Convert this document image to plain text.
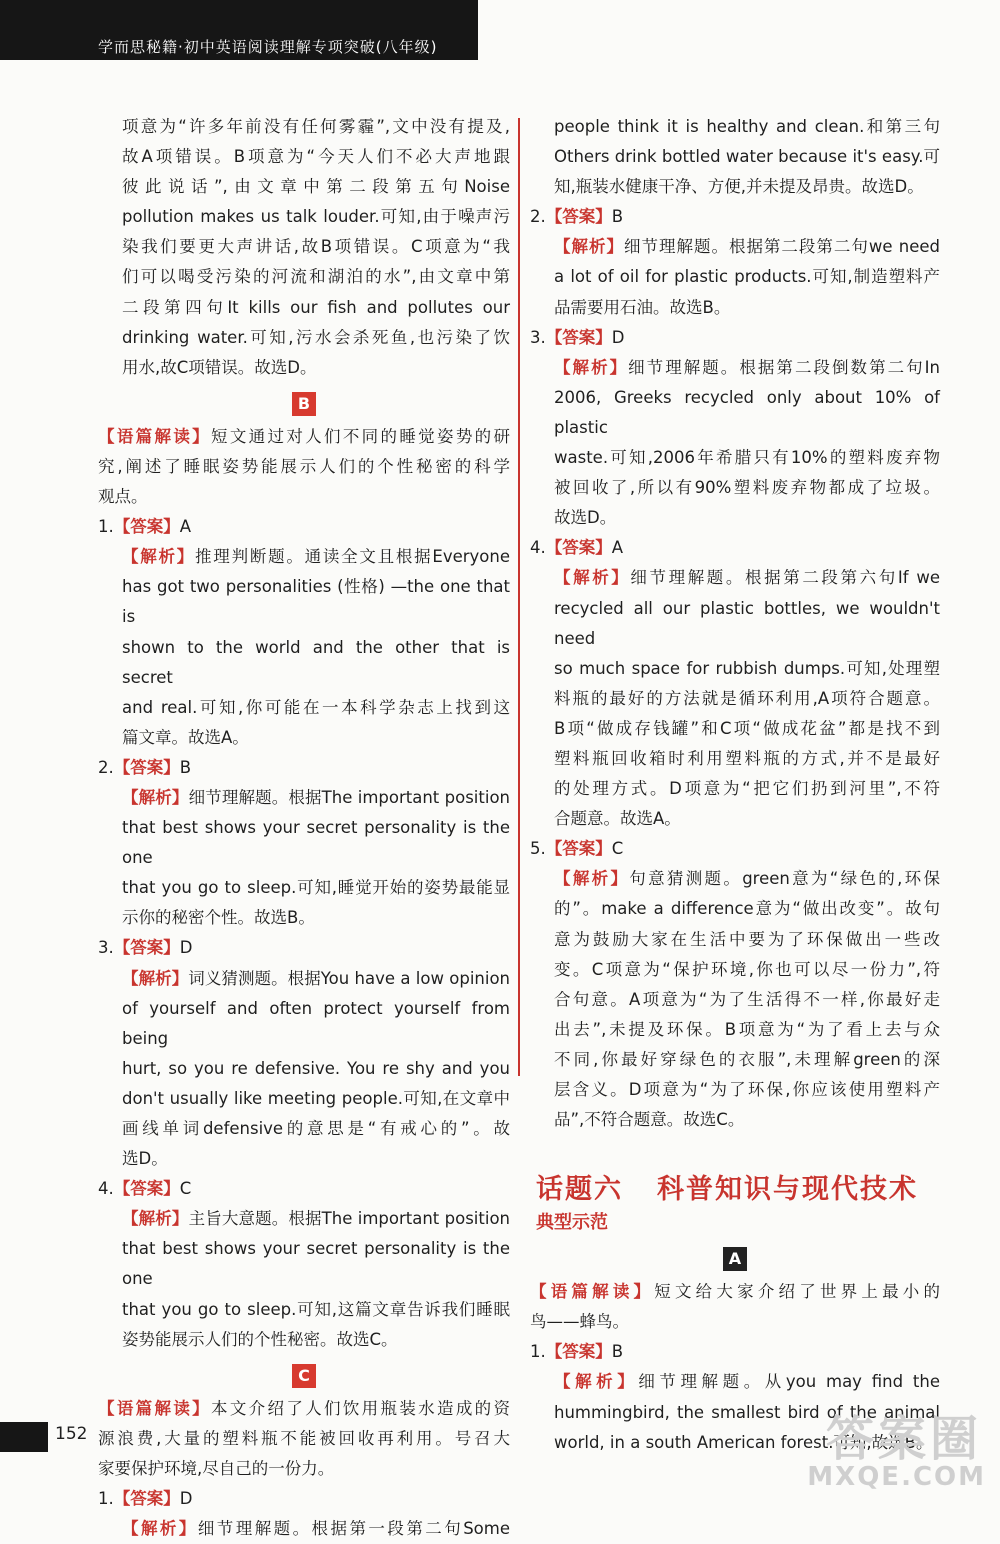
学而思秘籍·初中英语阅读理解专项突破(八年级)

项意为“许多年前没有任何雾霾”,文中没有提及,

故A项错误。B项意为“今天人们不必大声地跟

彼此说话”,由文章中第二段第五句Noise

pollution makes us talk louder.可知,由于噪声污

染我们要更大声讲话,故B项错误。C项意为“我

们可以喝受污染的河流和湖泊的水”,由文章中第

二段第四句It kills our fish and pollutes our

drinking water.可知,污水会杀死鱼,也污染了饮

用水,故C项错误。故选D。

B

【语篇解读】短文通过对人们不同的睡觉姿势的研

究,阐述了睡眠姿势能展示人们的个性秘密的科学

观点。

1.【答案】A

【解析】推理判断题。通读全文且根据Everyone

has got two personalities (性格) —the one that is

shown to the world and the other that is secret

and real.可知,你可能在一本科学杂志上找到这

篇文章。故选A。

2.【答案】B

【解析】细节理解题。根据The important position

that best shows your secret personality is the one

that you go to sleep.可知,睡觉开始的姿势最能显

示你的秘密个性。故选B。

3.【答案】D

【解析】词义猜测题。根据You have a low opinion

of yourself and often protect yourself from being

hurt, so you re defensive. You re shy and you

don't usually like meeting people.可知,在文章中

画线单词defensive的意思是“有戒心的”。故

选D。

4.【答案】C

【解析】主旨大意题。根据The important position

that best shows your secret personality is the one

that you go to sleep.可知,这篇文章告诉我们睡眠

姿势能展示人们的个性秘密。故选C。

C

【语篇解读】本文介绍了人们饮用瓶装水造成的资

源浪费,大量的塑料瓶不能被回收再利用。号召大

家要保护环境,尽自己的一份力。

1.【答案】D

【解析】细节理解题。根据第一段第二句Some

people think it is healthy and clean.和第三句

Others drink bottled water because it's easy.可

知,瓶装水健康干净、方便,并未提及昂贵。故选D。

2.【答案】B

【解析】细节理解题。根据第二段第二句we need

a lot of oil for plastic products.可知,制造塑料产

品需要用石油。故选B。

3.【答案】D

【解析】细节理解题。根据第二段倒数第二句In

2006, Greeks recycled only about 10% of plastic

waste.可知,2006年希腊只有10%的塑料废弃物

被回收了,所以有90%塑料废弃物都成了垃圾。

故选D。

4.【答案】A

【解析】细节理解题。根据第二段第六句If we

recycled all our plastic bottles, we wouldn't need

so much space for rubbish dumps.可知,处理塑

料瓶的最好的方法就是循环利用,A项符合题意。

B项“做成存钱罐”和C项“做成花盆”都是找不到

塑料瓶回收箱时利用塑料瓶的方式,并不是最好

的处理方式。D项意为“把它们扔到河里”,不符

合题意。故选A。

5.【答案】C

【解析】句意猜测题。green意为“绿色的,环保

的”。make a difference意为“做出改变”。故句

意为鼓励大家在生活中要为了环保做出一些改

变。C项意为“保护环境,你也可以尽一份力”,符

合句意。A项意为“为了生活得不一样,你最好走

出去”,未提及环保。B项意为“为了看上去与众

不同,你最好穿绿色的衣服”,未理解green的深

层含义。D项意为“为了环保,你应该使用塑料产

品”,不符合题意。故选C。

话题六 科普知识与现代技术

典型示范

A

【语篇解读】短文给大家介绍了世界上最小的

鸟——蜂鸟。

1.【答案】B

【解析】细节理解题。从you may find the

hummingbird, the smallest bird of the animal

world, in a south American forest.可知,故选B。

152	答案圈
MXQE.COM
